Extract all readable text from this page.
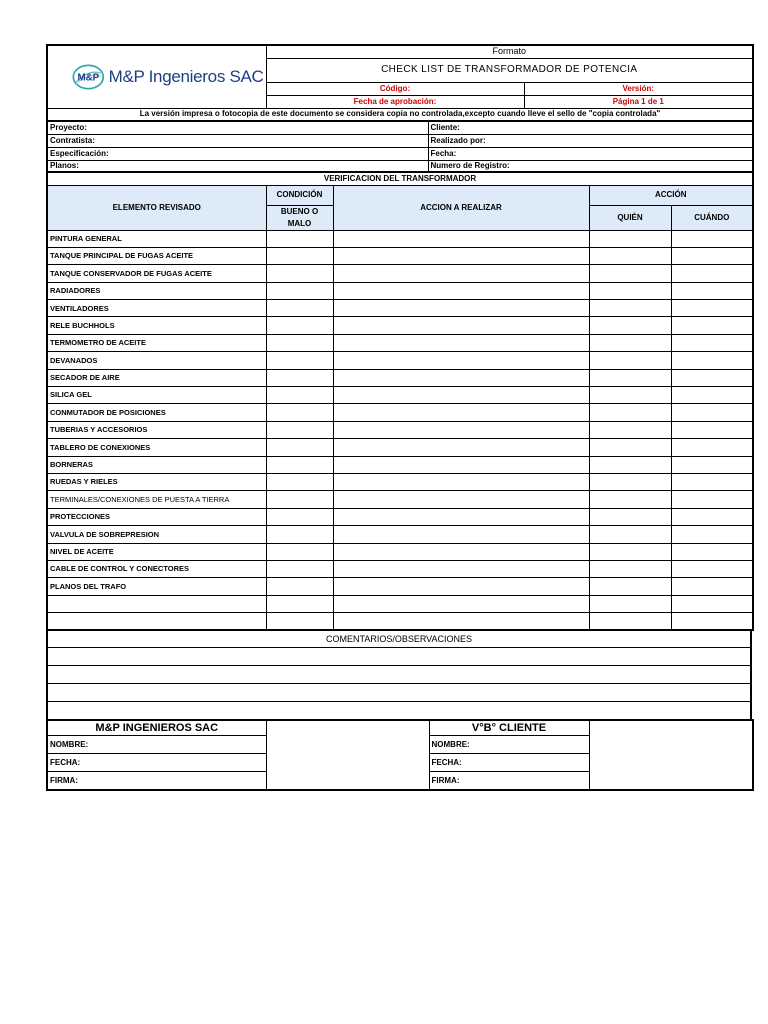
M&P M&P Ingenieros SAC	Formato	
	CHECK LIST DE TRANSFORMADOR DE POTENCIA	
	Código:	Versión:
	Fecha de aprobación:	Página 1 de 1
La versión impresa o fotocopia de este documento se considera copia no controlada,excepto cuando lleve el sello de "copia controlada"		
Proyecto:	Cliente:
Contratista:	Realizado por:
Especificación:	Fecha:
Planos:	Numero de Registro:
VERIFICACION DEL TRANSFORMADOR				
ELEMENTO REVISADO	CONDICIÓN	ACCION A REALIZAR	ACCIÓN	
	BUENO O
MALO		QUIÉN	CUÁNDO
PINTURA GENERAL				
TANQUE PRINCIPAL DE FUGAS ACEITE				
TANQUE CONSERVADOR DE FUGAS ACEITE				
RADIADORES				
VENTILADORES				
RELE BUCHHOLS				
TERMOMETRO DE ACEITE				
DEVANADOS				
SECADOR DE AIRE				
SILICA GEL				
CONMUTADOR DE POSICIONES				
TUBERIAS Y ACCESORIOS				
TABLERO DE CONEXIONES				
BORNERAS				
RUEDAS Y RIELES				
TERMINALES/CONEXIONES DE PUESTA A TIERRA				
PROTECCIONES				
VALVULA DE SOBREPRESION				
NIVEL DE ACEITE				
CABLE DE CONTROL Y CONECTORES				
PLANOS DEL TRAFO				

COMENTARIOS/OBSERVACIONES

M&P INGENIEROS SAC		V°B° CLIENTE	
NOMBRE:		NOMBRE:	
FECHA:		FECHA:	
FIRMA:		FIRMA:	
